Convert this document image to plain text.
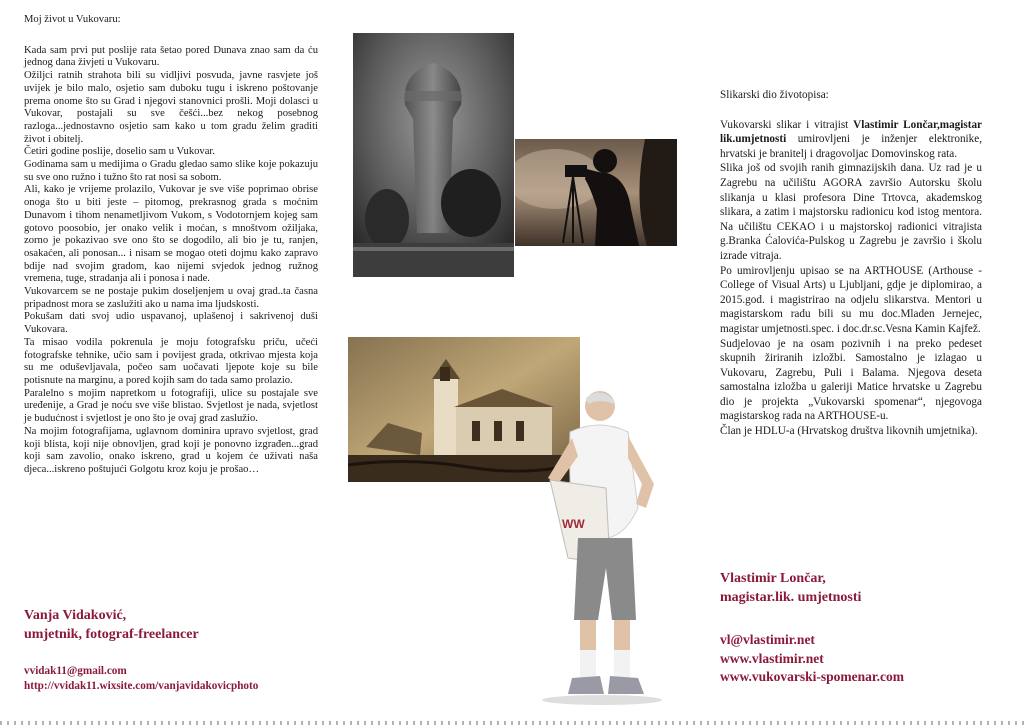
Moj život u Vukovaru:

Kada sam prvi put poslije rata šetao pored Dunava znao sam da ću jednog dana živjeti u Vukovaru.

Ožiljci ratnih strahota bili su vidljivi posvuda, javne rasvjete još uvijek je bilo malo, osjetio sam duboku tugu i iskreno poštovanje prema onome što su Grad i njegovi stanovnici prošli. Moji dolasci u Vukovar, postajali su sve češći...bez nekog posebnog razloga...jednostavno osjetio sam kako u tom gradu želim graditi život i obitelj.

Četiri godine poslije, doselio sam u Vukovar.

Godinama sam u medijima o Gradu gledao samo slike koje pokazuju su sve ono ružno i tužno što rat nosi sa sobom.

Ali, kako je vrijeme prolazilo, Vukovar je sve više poprimao obrise onoga što u biti jeste – pitomog, prekrasnog grada s moćnim Dunavom i tihom nenametljivom Vukom, s Vodotornjem kojeg sam gotovo poosobio, jer onako velik i moćan, s mnoštvom ožiljaka, zorno je pokazivao sve ono što se dogodilo, ali bio je tu, ranjen, osakaćen, ali ponosan... i nisam se mogao oteti dojmu kako zapravo bdije nad svojim gradom, kao nijemi svjedok jednog ružnog vremena, tuge, stradanja ali i ponosa i nade.

Vukovarcem se ne postaje pukim doseljenjem u ovaj grad..ta časna pripadnost mora se zaslužiti ako u nama ima ljudskosti.

Pokušam dati svoj udio uspavanoj, uplašenoj i sakrivenoj duši Vukovara.

Ta misao vodila pokrenula je moju fotografsku priču, učeći fotografske tehnike, učio sam i povijest grada, otkrivao mjesta koja su me oduševljavala, počeo sam uočavati ljepote koje su bile potisnute na marginu, a pored kojih sam do tada samo prolazio.

Paralelno s mojim napretkom u fotografiji, ulice su postajale sve uređenije, a Grad je noću sve više blistao. Svjetlost je nada, svjetlost je budućnost i svjetlost je ono što je ovaj grad zaslužio.

Na mojim fotografijama, uglavnom dominira upravo svjetlost, grad koji blista, koji nije obnovljen, grad koji je ponovno izgrađen...grad koji sam zavolio, onako iskreno, grad u kojem će uživati naša djeca...iskreno poštujući Golgotu kroz koju je prošao…

Vanja Vidaković,
umjetnik, fotograf-freelancer
vvidak11@gmail.com
http://vvidak11.wixsite.com/vanjavidakovicphoto
WW

Slikarski dio životopisa:

Vukovarski slikar i vitrajist Vlastimir Lončar,magistar lik.umjetnosti umirovljeni je inženjer elektronike, hrvatski je branitelj i dragovoljac Domovinskog rata.

Slika još od svojih ranih gimnazijskih dana. Uz rad je u Zagrebu na učilištu AGORA završio Autorsku školu slikanja u klasi profesora Dine Trtovca, akademskog slikara, a zatim i majstorsku radionicu kod istog mentora. Na učilištu CEKAO i u majstorskoj radionici vitrajista g.Branka Ćalovića-Pulskog u Zagrebu je završio i školu izrade vitraja.

Po umirovljenju upisao se na ARTHOUSE (Arthouse - College of Visual Arts) u Ljubljani, gdje je diplomirao, a 2015.god. i magistrirao na odjelu slikarstva. Mentori u magistarskom radu bili su mu doc.Mladen Jernejec, magistar umjetnosti.spec. i doc.dr.sc.Vesna Kamin Kajfež.

Sudjelovao je na osam pozivnih i na preko pedeset skupnih žiriranih izložbi. Samostalno je izlagao u Vukovaru, Zagrebu, Puli i Balama. Njegova deseta samostalna izložba u galeriji Matice hrvatske u Zagrebu dio je projekta „Vukovarski spomenar“, njegovoga magistarskog rada na ARTHOUSE-u.

Član je HDLU-a (Hrvatskog društva likovnih umjetnika).

Vlastimir Lončar,
magistar.lik. umjetnosti
vl@vlastimir.net
www.vlastimir.net
www.vukovarski-spomenar.com
